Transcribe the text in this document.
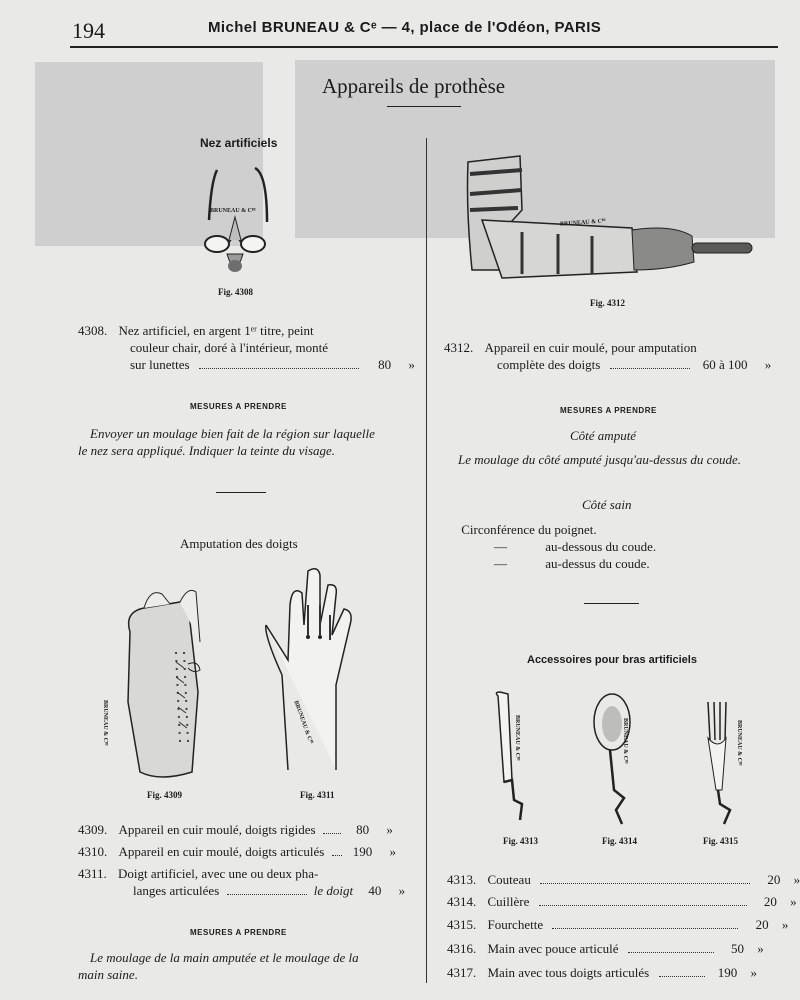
194	Michel BRUNEAU & Cᵉ — 4, place de l'Odéon, PARIS
Appareils de prothèse
Nez artificiels
BRUNEAU & Cᴵᴱ
Fig. 4308
4308. Nez artificiel, en argent 1ᵉʳ titre, peint
couleur chair, doré à l'intérieur, monté
sur lunettes	80 »
MESURES A PRENDRE
Envoyer un moulage bien fait de la région sur laquelle
le nez sera appliqué. Indiquer la teinte du visage.
Amputation des doigts
BRUNEAU & Cᴵᴱ	BRUNEAU & Cᴵᴱ
Fig. 4309	Fig. 4311
4309. Appareil en cuir moulé, doigts rigides	80 »
4310. Appareil en cuir moulé, doigts articulés 190 »
4311. Doigt artificiel, avec une ou deux pha-
langes articulées	le doigt 40 »
MESURES A PRENDRE
Le moulage de la main amputée et le moulage de la
main saine.
BRUNEAU & Cᴵᴱ
Fig. 4312
4312. Appareil en cuir moulé, pour amputation
complète des doigts	60 à 100 »
MESURES A PRENDRE
Côté amputé
Le moulage du côté amputé jusqu'au-dessus du coude.
Côté sain
Circonférence du poignet.
—	au-dessous du coude.
—	au-dessus du coude.
Accessoires pour bras artificiels
BRUNEAU & Cᴵᴱ	BRUNEAU & Cᴵᴱ	BRUNEAU & Cᴵᴱ
Fig. 4313	Fig. 4314	Fig. 4315
4313. Couteau	20 »
4314. Cuillère	20 »
4315. Fourchette	20 »
4316. Main avec pouce articulé	50 »
4317. Main avec tous doigts articulés	190 »
